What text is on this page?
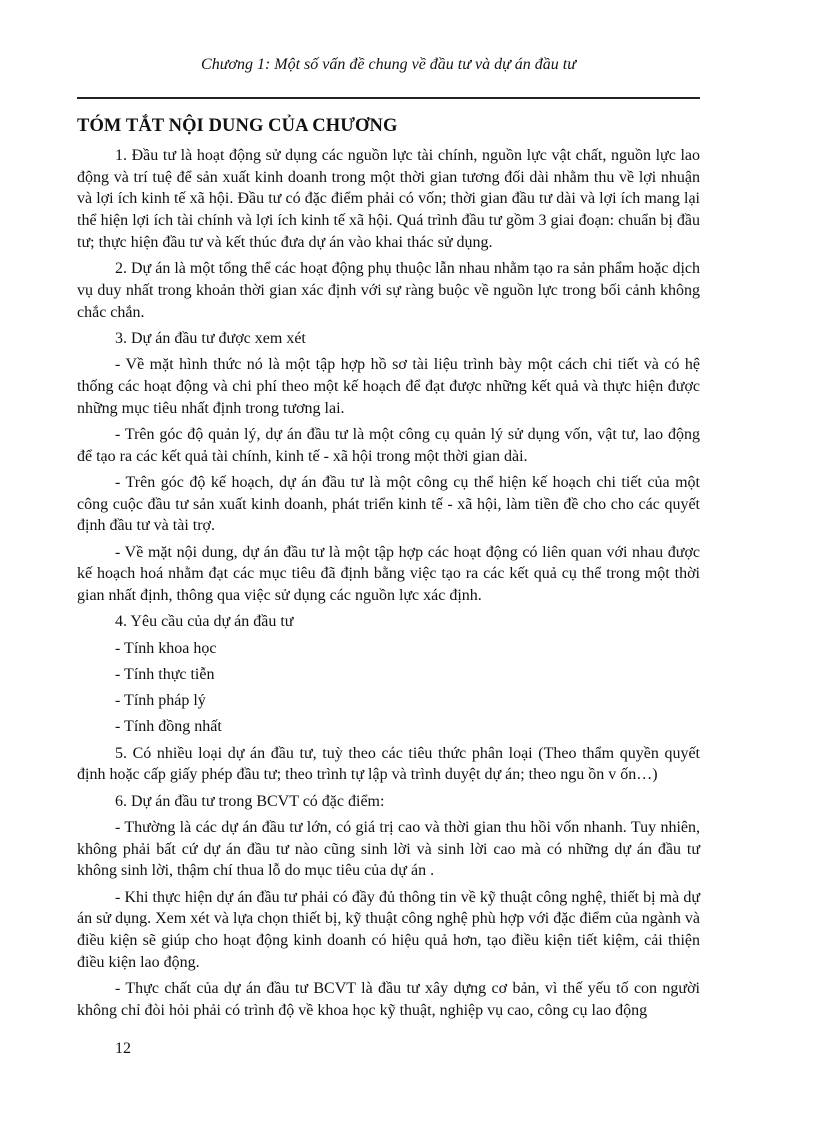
Chương 1: Một số vấn đề chung về đầu tư và dự án đầu tư
TÓM TẮT NỘI DUNG CỦA CHƯƠNG

1. Đầu tư là hoạt động sử dụng các nguồn lực tài chính, nguồn lực vật chất, nguồn lực lao động và trí tuệ để sản xuất kinh doanh trong một thời gian tương đối dài nhằm thu về lợi nhuận và lợi ích kinh tế xã hội. Đầu tư có đặc điểm phải có vốn; thời gian đầu tư dài và lợi ích mang lại thể hiện lợi ích tài chính và lợi ích kinh tế xã hội. Quá trình đầu tư gồm 3 giai đoạn: chuẩn bị đầu tư; thực hiện đầu tư và kết thúc đưa dự án vào khai thác sử dụng.

2. Dự án là một tổng thể các hoạt động phụ thuộc lẫn nhau nhằm tạo ra sản phẩm hoặc dịch vụ duy nhất trong khoản thời gian xác định với sự ràng buộc về nguồn lực trong bối cảnh không chắc chắn.

3. Dự án đầu tư được xem xét

- Về mặt hình thức nó là một tập hợp hồ sơ tài liệu trình bày một cách chi tiết và có hệ thống các hoạt động và chi phí theo một kế hoạch để đạt được những kết quả và thực hiện được những mục tiêu nhất định trong tương lai.

- Trên góc độ quản lý, dự án đầu tư là một công cụ quản lý sử dụng vốn, vật tư, lao động để tạo ra các kết quả tài chính, kinh tế - xã hội trong một thời gian dài.

- Trên góc độ kế hoạch, dự án đầu tư là một công cụ thể hiện kế hoạch chi tiết của một công cuộc đầu tư sản xuất kinh doanh, phát triển kinh tế - xã hội, làm tiền đề cho cho các quyết định đầu tư và tài trợ.

- Về mặt nội dung, dự án đầu tư là một tập hợp các hoạt động có liên quan với nhau được kế hoạch hoá nhằm đạt các mục tiêu đã định bằng việc tạo ra các kết quả cụ thể trong một thời gian nhất định, thông qua việc sử dụng các nguồn lực xác định.

4. Yêu cầu của dự án đầu tư

- Tính khoa học

- Tính thực tiễn

- Tính pháp lý

- Tính đồng nhất

5. Có nhiều loại dự án đầu tư, tuỳ theo các tiêu thức phân loại (Theo thẩm quyền quyết định hoặc cấp giấy phép đầu tư; theo trình tự lập và trình duyệt dự án; theo ngu ồn v ốn…)

6. Dự án đầu tư trong BCVT có đặc điểm:

- Thường là các dự án đầu tư lớn, có giá trị cao và thời gian thu hồi vốn nhanh. Tuy nhiên, không phải bất cứ dự án đầu tư nào cũng sinh lời và sinh lời cao mà có những dự án đầu tư không sinh lời, thậm chí thua lỗ do mục tiêu của dự án .

- Khi thực hiện dự án đầu tư phải có đầy đủ thông tin về kỹ thuật công nghệ, thiết bị mà dự án sử dụng. Xem xét và lựa chọn thiết bị, kỹ thuật công nghệ phù hợp với đặc điểm của ngành và điều kiện sẽ giúp cho hoạt động kinh doanh có hiệu quả hơn, tạo điều kiện tiết kiệm, cải thiện điều kiện lao động.

- Thực chất của dự án đầu tư BCVT là đầu tư xây dựng cơ bản, vì thế yếu tố con người không chỉ đòi hỏi phải có trình độ về khoa học kỹ thuật, nghiệp vụ cao, công cụ lao động

12
